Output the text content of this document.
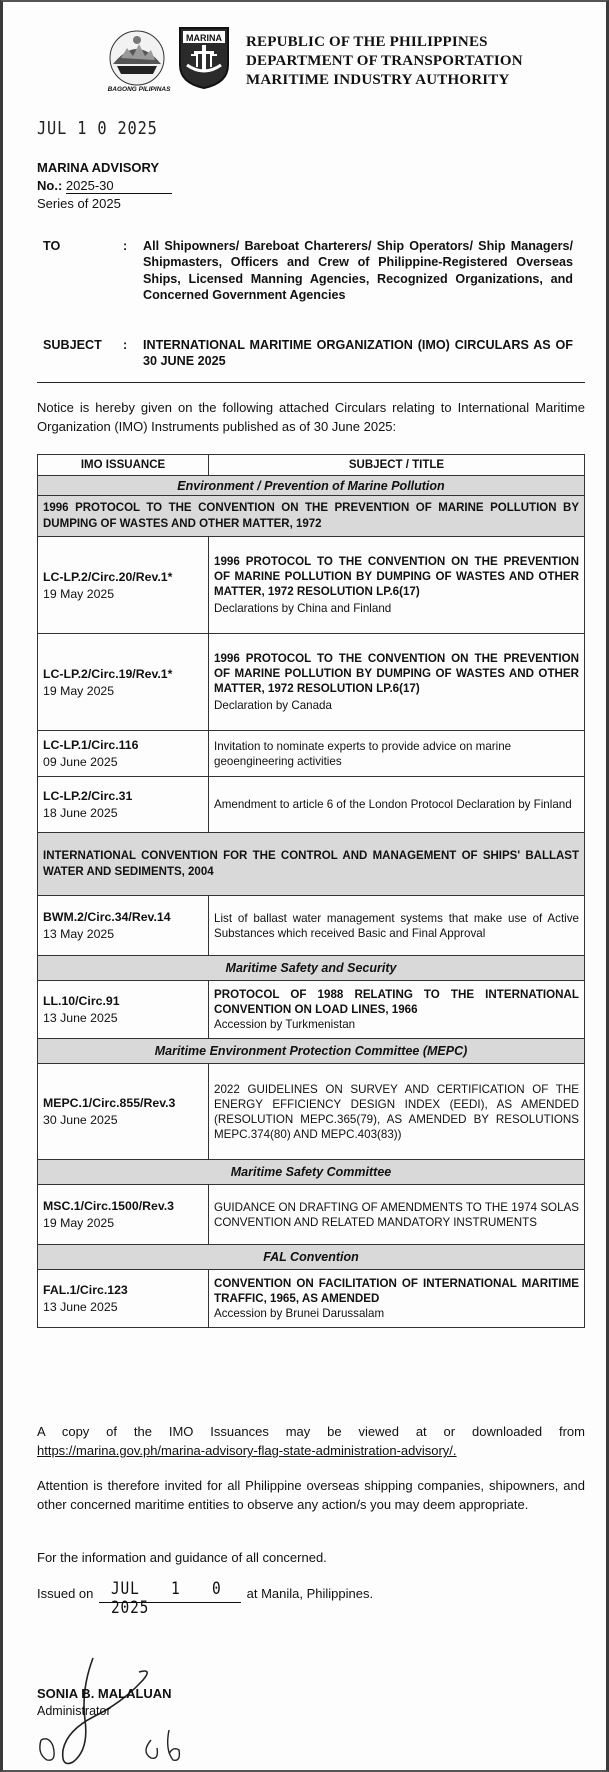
BAGONG PILIPINAS
MARINA REPUBLIC OF THE PHILIPPINES
DEPARTMENT OF TRANSPORTATION
MARITIME INDUSTRY AUTHORITY
JUL 1 0 2025
MARINA ADVISORY
No.: 2025-30
Series of 2025
TO	: All Shipowners/ Bareboat Charterers/ Ship Operators/ Ship Managers/ Shipmasters, Officers and Crew of Philippine-Registered Overseas Ships, Licensed Manning Agencies, Recognized Organizations, and Concerned Government Agencies
SUBJECT : INTERNATIONAL MARITIME ORGANIZATION (IMO) CIRCULARS AS OF 30 JUNE 2025
Notice is hereby given on the following attached Circulars relating to International Maritime Organization (IMO) Instruments published as of 30 June 2025:
IMO ISSUANCE	SUBJECT / TITLE
Environment / Prevention of Marine Pollution	
1996 PROTOCOL TO THE CONVENTION ON THE PREVENTION OF MARINE POLLUTION BY DUMPING OF WASTES AND OTHER MATTER, 1972	
LC-LP.2/Circ.20/Rev.1*
19 May 2025	1996 PROTOCOL TO THE CONVENTION ON THE PREVENTION OF MARINE POLLUTION BY DUMPING OF WASTES AND OTHER MATTER, 1972 RESOLUTION LP.6(17)
Declarations by China and Finland

LC-LP.2/Circ.19/Rev.1*
19 May 2025	1996 PROTOCOL TO THE CONVENTION ON THE PREVENTION OF MARINE POLLUTION BY DUMPING OF WASTES AND OTHER MATTER, 1972 RESOLUTION LP.6(17)
Declaration by Canada

LC-LP.1/Circ.116
09 June 2025	Invitation to nominate experts to provide advice on marine geoengineering activities

LC-LP.2/Circ.31
18 June 2025	Amendment to article 6 of the London Protocol Declaration by Finland

INTERNATIONAL CONVENTION FOR THE CONTROL AND MANAGEMENT OF SHIPS' BALLAST WATER AND SEDIMENTS, 2004	
BWM.2/Circ.34/Rev.14
13 May 2025	List of ballast water management systems that make use of Active Substances which received Basic and Final Approval

Maritime Safety and Security	
LL.10/Circ.91
13 June 2025	PROTOCOL OF 1988 RELATING TO THE INTERNATIONAL CONVENTION ON LOAD LINES, 1966
Accession by Turkmenistan

Maritime Environment Protection Committee (MEPC)	
MEPC.1/Circ.855/Rev.3
30 June 2025	2022 GUIDELINES ON SURVEY AND CERTIFICATION OF THE ENERGY EFFICIENCY DESIGN INDEX (EEDI), AS AMENDED (RESOLUTION MEPC.365(79), AS AMENDED BY RESOLUTIONS MEPC.374(80) AND MEPC.403(83))

Maritime Safety Committee	
MSC.1/Circ.1500/Rev.3
19 May 2025	GUIDANCE ON DRAFTING OF AMENDMENTS TO THE 1974 SOLAS CONVENTION AND RELATED MANDATORY INSTRUMENTS

FAL Convention	
FAL.1/Circ.123
13 June 2025	CONVENTION ON FACILITATION OF INTERNATIONAL MARITIME TRAFFIC, 1965, AS AMENDED
Accession by Brunei Darussalam
A copy of the IMO Issuances may be viewed at or downloaded from https://marina.gov.ph/marina-advisory-flag-state-administration-advisory/.
Attention is therefore invited for all Philippine overseas shipping companies, shipowners, and other concerned maritime entities to observe any action/s you may deem appropriate.
For the information and guidance of all concerned.
Issued on JUL 1 0 2025
at Manila, Philippines.
SONIA B. MALALUAN
Administrator
